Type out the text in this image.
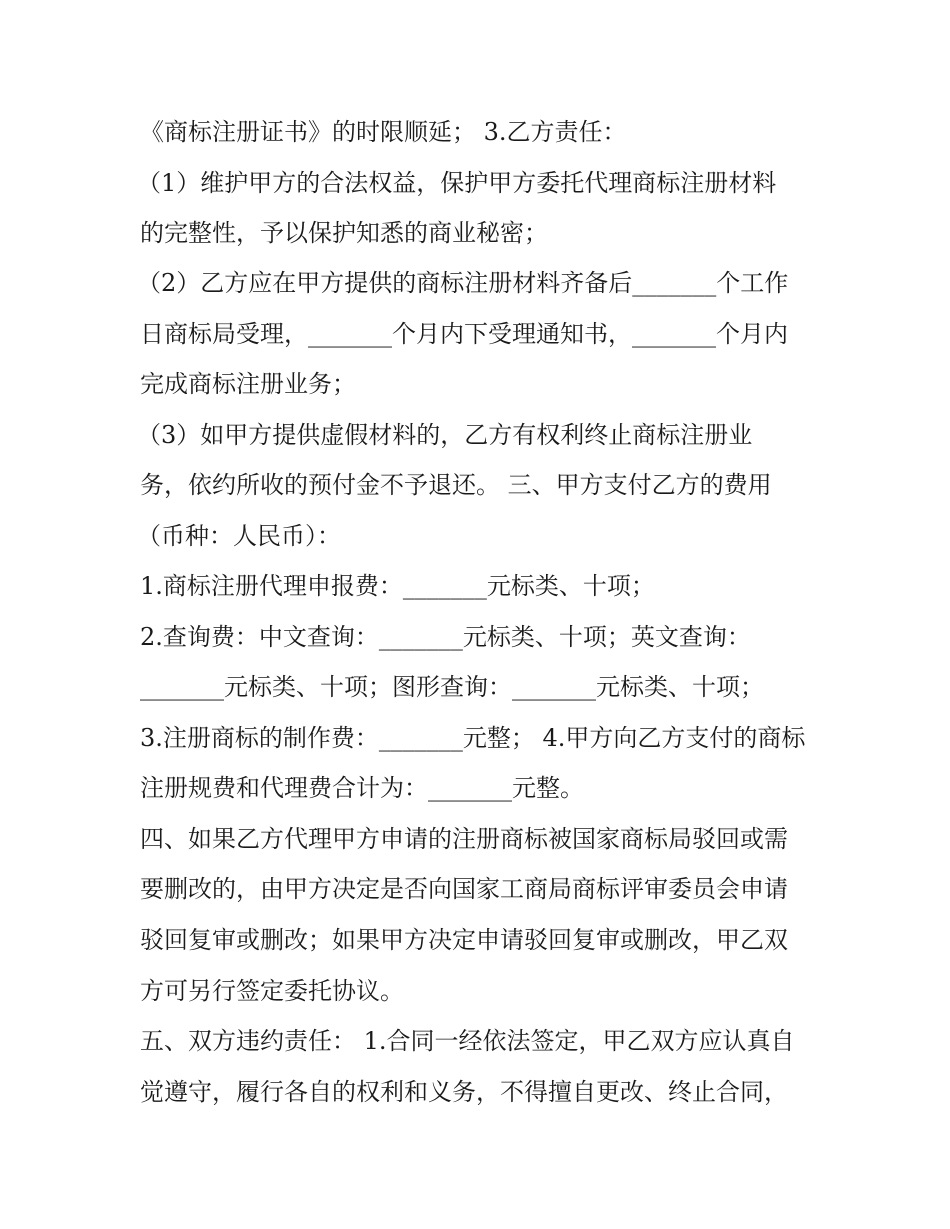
《商标注册证书》的时限顺延； 3.乙方责任：
（1）维护甲方的合法权益，保护甲方委托代理商标注册材料
的完整性，予以保护知悉的商业秘密；
（2）乙方应在甲方提供的商标注册材料齐备后_______个工作
日商标局受理，_______个月内下受理通知书，_______个月内
完成商标注册业务；
（3）如甲方提供虚假材料的，乙方有权利终止商标注册业
务，依约所收的预付金不予退还。 三、甲方支付乙方的费用
（币种：人民币）：
1.商标注册代理申报费：_______元标类、十项；
2.查询费：中文查询：_______元标类、十项；英文查询：
_______元标类、十项；图形查询：_______元标类、十项；
3.注册商标的制作费：_______元整； 4.甲方向乙方支付的商标
注册规费和代理费合计为：_______元整。
四、如果乙方代理甲方申请的注册商标被国家商标局驳回或需
要删改的，由甲方决定是否向国家工商局商标评审委员会申请
驳回复审或删改；如果甲方决定申请驳回复审或删改，甲乙双
方可另行签定委托协议。
五、双方违约责任： 1.合同一经依法签定，甲乙双方应认真自
觉遵守，履行各自的权利和义务，不得擅自更改、终止合同，
